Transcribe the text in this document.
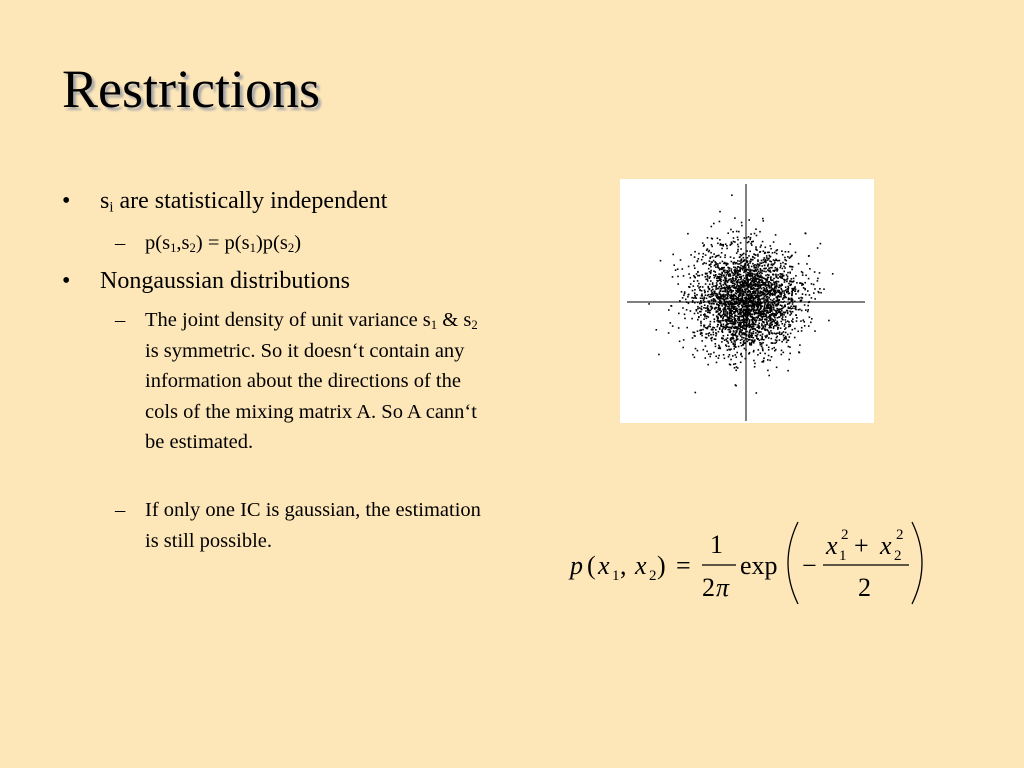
Restrictions
• $s_i$ are statistically independent
– $p(s_1,s_2) = p(s_1)p(s_2)$
• Nongaussian distributions
– The joint density of unit variance $s_1$ & $s_2$ is symmetric. So it doesn‘t contain any information about the directions of the cols of the mixing matrix A. So A cann‘t be estimated.
– If only one IC is gaussian, the estimation is still possible.
p ( x 1 , x 2 ) =
1
2 π
exp −
x 1
2 + x 2
2
2
